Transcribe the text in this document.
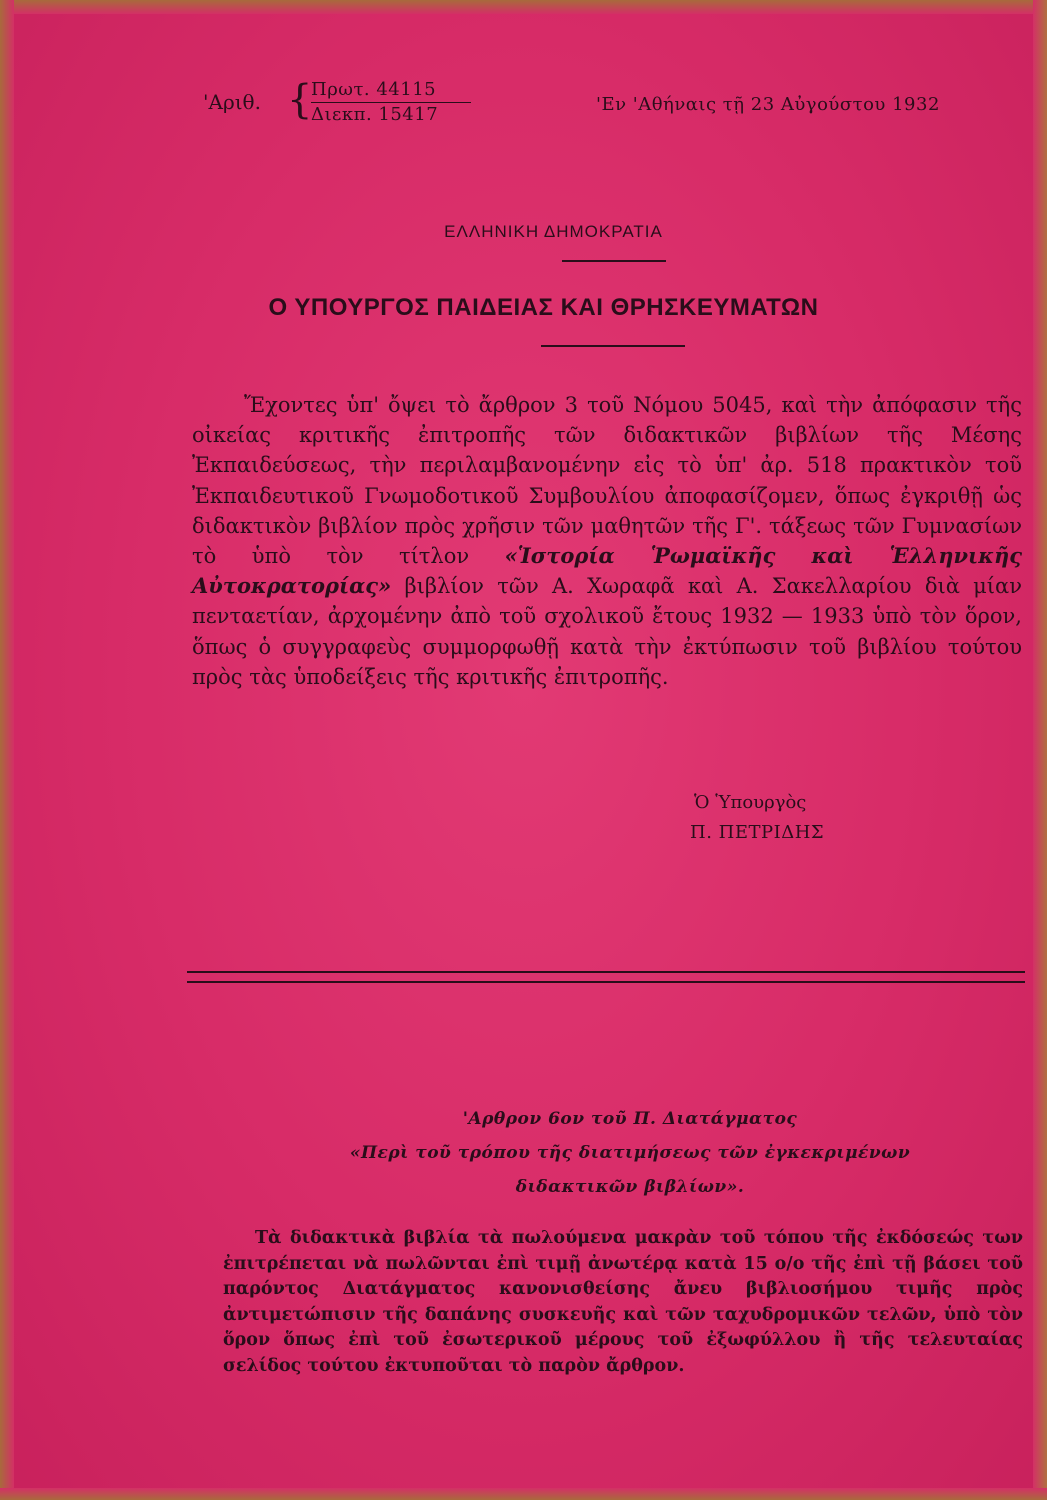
'Αριθ. {
Πρωτ. 44115
Διεκπ. 15417	'Εν 'Αθήναις τῇ 23 Αὐγούστου 1932
ΕΛΛΗΝΙΚΗ ΔΗΜΟΚΡΑΤΙΑ
Ο ΥΠΟΥΡΓΟΣ ΠΑΙΔΕΙΑΣ ΚΑΙ ΘΡΗΣΚΕΥΜΑΤΩΝ

Ἔχοντες ὑπ' ὄψει τὸ ἄρθρον 3 τοῦ Νόμου 5045, καὶ τὴν ἀπόφασιν τῆς οἰκείας κριτικῆς ἐπιτροπῆς τῶν διδακτικῶν βιβλίων τῆς Μέσης Ἐκπαιδεύσεως, τὴν περιλαμβανομένην εἰς τὸ ὑπ' ἀρ. 518 πρακτικὸν τοῦ Ἐκπαιδευτικοῦ Γνωμοδοτικοῦ Συμβουλίου ἀποφασίζομεν, ὅπως ἐγκριθῇ ὡς διδακτικὸν βιβλίον πρὸς χρῆσιν τῶν μαθητῶν τῆς Γ'. τάξεως τῶν Γυμνασίων τὸ ὑπὸ τὸν τίτλον «Ἱστορία Ῥωμαϊκῆς καὶ Ἑλληνικῆς Αὐτοκρατορίας» βιβλίον τῶν Α. Χωραφᾶ καὶ Α. Σακελλαρίου διὰ μίαν πενταετίαν, ἀρχομένην ἀπὸ τοῦ σχολικοῦ ἔτους 1932 — 1933 ὑπὸ τὸν ὅρον, ὅπως ὁ συγγραφεὺς συμμορφωθῇ κατὰ τὴν ἐκτύπωσιν τοῦ βιβλίου τούτου πρὸς τὰς ὑποδείξεις τῆς κριτικῆς ἐπιτροπῆς.

Ὁ Ὑπουργὸς
Π. ΠΕΤΡΙΔΗΣ
'Αρθρον 6ον τοῦ Π. Διατάγματος
«Περὶ τοῦ τρόπου τῆς διατιμήσεως τῶν ἐγκεκριμένων
διδακτικῶν βιβλίων».

Τὰ διδακτικὰ βιβλία τὰ πωλούμενα μακρὰν τοῦ τόπου τῆς ἐκδόσεώς των ἐπιτρέπεται νὰ πωλῶνται ἐπὶ τιμῇ ἀνωτέρᾳ κατὰ 15 ο/ο τῆς ἐπὶ τῇ βάσει τοῦ παρόντος Διατάγματος κανονισθείσης ἄνευ βιβλιοσήμου τιμῆς πρὸς ἀντιμετώπισιν τῆς δαπάνης συσκευῆς καὶ τῶν ταχυδρομικῶν τελῶν, ὑπὸ τὸν ὅρον ὅπως ἐπὶ τοῦ ἐσωτερικοῦ μέρους τοῦ ἐξωφύλλου ἢ τῆς τελευταίας σελίδος τούτου ἐκτυποῦται τὸ παρὸν ἄρθρον.
